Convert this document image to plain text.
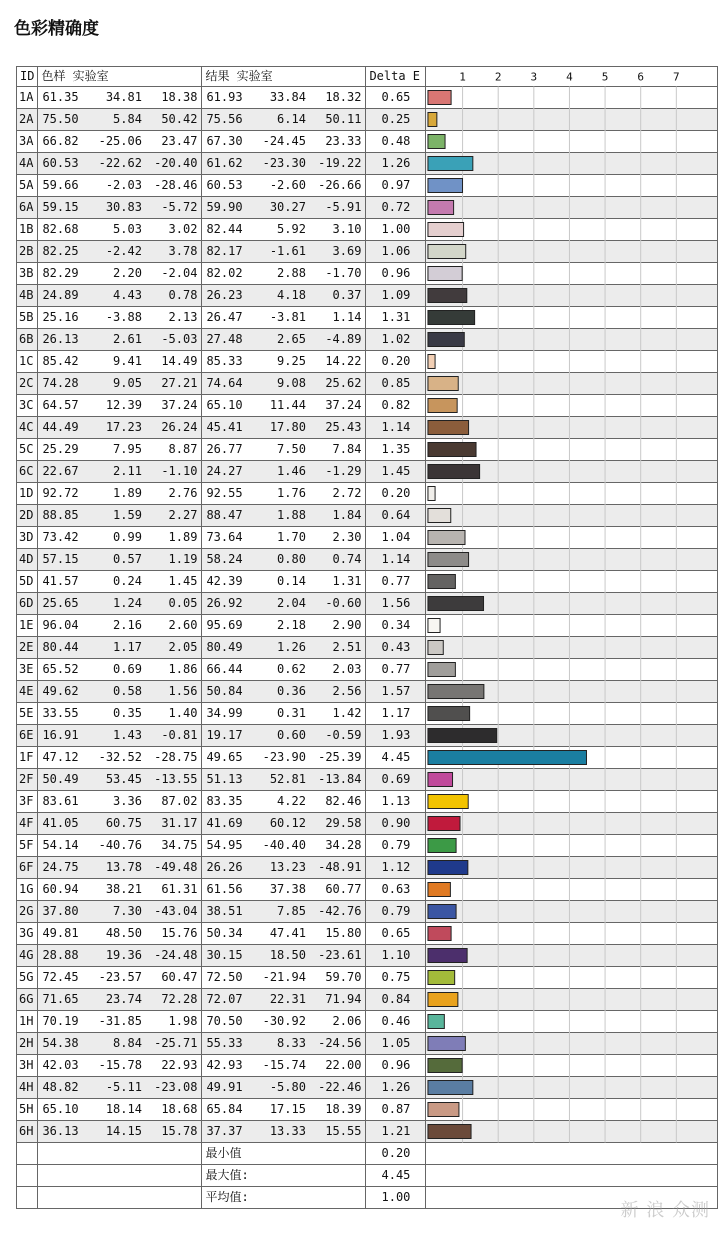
色彩精确度
ID	色样 实验室	结果 实验室	Delta E	
1A	61.35 34.81 18.38	61.93 33.84 18.32	0.65	
2A	75.50 5.84 50.42	75.56 6.14 50.11	0.25	
3A	66.82 -25.06 23.47	67.30 -24.45 23.33	0.48	
4A	60.53 -22.62 -20.40	61.62 -23.30 -19.22	1.26	
5A	59.66 -2.03 -28.46	60.53 -2.60 -26.66	0.97	
6A	59.15 30.83 -5.72	59.90 30.27 -5.91	0.72	
1B	82.68 5.03 3.02	82.44 5.92 3.10	1.00	
2B	82.25 -2.42 3.78	82.17 -1.61 3.69	1.06	
3B	82.29 2.20 -2.04	82.02 2.88 -1.70	0.96	
4B	24.89 4.43 0.78	26.23 4.18 0.37	1.09	
5B	25.16 -3.88 2.13	26.47 -3.81 1.14	1.31	
6B	26.13 2.61 -5.03	27.48 2.65 -4.89	1.02	
1C	85.42 9.41 14.49	85.33 9.25 14.22	0.20	
2C	74.28 9.05 27.21	74.64 9.08 25.62	0.85	
3C	64.57 12.39 37.24	65.10 11.44 37.24	0.82	
4C	44.49 17.23 26.24	45.41 17.80 25.43	1.14	
5C	25.29 7.95 8.87	26.77 7.50 7.84	1.35	
6C	22.67 2.11 -1.10	24.27 1.46 -1.29	1.45	
1D	92.72 1.89 2.76	92.55 1.76 2.72	0.20	
2D	88.85 1.59 2.27	88.47 1.88 1.84	0.64	
3D	73.42 0.99 1.89	73.64 1.70 2.30	1.04	
4D	57.15 0.57 1.19	58.24 0.80 0.74	1.14	
5D	41.57 0.24 1.45	42.39 0.14 1.31	0.77	
6D	25.65 1.24 0.05	26.92 2.04 -0.60	1.56	
1E	96.04 2.16 2.60	95.69 2.18 2.90	0.34	
2E	80.44 1.17 2.05	80.49 1.26 2.51	0.43	
3E	65.52 0.69 1.86	66.44 0.62 2.03	0.77	
4E	49.62 0.58 1.56	50.84 0.36 2.56	1.57	
5E	33.55 0.35 1.40	34.99 0.31 1.42	1.17	
6E	16.91 1.43 -0.81	19.17 0.60 -0.59	1.93	
1F	47.12 -32.52 -28.75	49.65 -23.90 -25.39	4.45	
2F	50.49 53.45 -13.55	51.13 52.81 -13.84	0.69	
3F	83.61 3.36 87.02	83.35 4.22 82.46	1.13	
4F	41.05 60.75 31.17	41.69 60.12 29.58	0.90	
5F	54.14 -40.76 34.75	54.95 -40.40 34.28	0.79	
6F	24.75 13.78 -49.48	26.26 13.23 -48.91	1.12	
1G	60.94 38.21 61.31	61.56 37.38 60.77	0.63	
2G	37.80 7.30 -43.04	38.51 7.85 -42.76	0.79	
3G	49.81 48.50 15.76	50.34 47.41 15.80	0.65	
4G	28.88 19.36 -24.48	30.15 18.50 -23.61	1.10	
5G	72.45 -23.57 60.47	72.50 -21.94 59.70	0.75	
6G	71.65 23.74 72.28	72.07 22.31 71.94	0.84	
1H	70.19 -31.85 1.98	70.50 -30.92 2.06	0.46	
2H	54.38 8.84 -25.71	55.33 8.33 -24.56	1.05	
3H	42.03 -15.78 22.93	42.93 -15.74 22.00	0.96	
4H	48.82 -5.11 -23.08	49.91 -5.80 -22.46	1.26	
5H	65.10 18.14 18.68	65.84 17.15 18.39	0.87	
6H	36.13 14.15 15.78	37.37 13.33 15.55	1.21	
		最小值	0.20	
		最大值:	4.45	
		平均值:	1.00	
1	2	3	4	5	6	7
新 浪 众测
